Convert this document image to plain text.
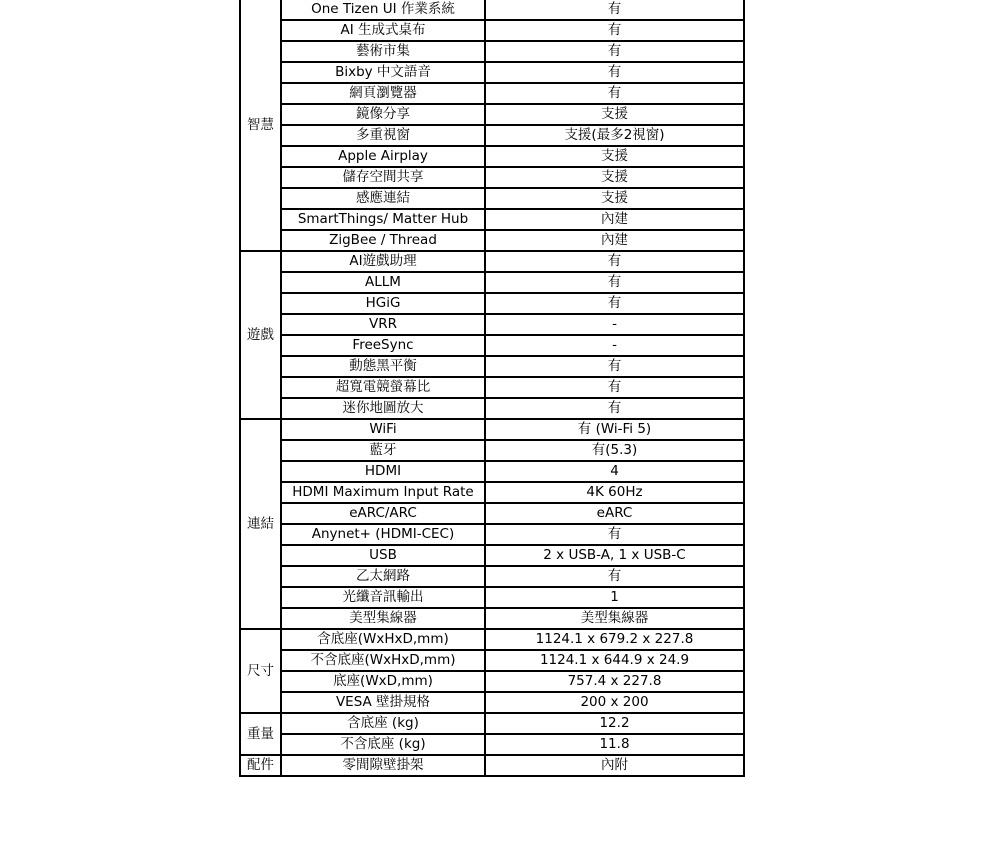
智慧	One Tizen UI 作業系統	有
	AI 生成式桌布	有
	藝術市集	有
	Bixby 中文語音	有
	網頁瀏覽器	有
	鏡像分享	支援
	多重視窗	支援(最多2視窗)
	Apple Airplay	支援
	儲存空間共享	支援
	感應連結	支援
	SmartThings/ Matter Hub	內建
	ZigBee / Thread	內建
遊戲	AI遊戲助理	有
	ALLM	有
	HGiG	有
	VRR	-
	FreeSync	-
	動態黑平衡	有
	超寬電競螢幕比	有
	迷你地圖放大	有
連結	WiFi	有 (Wi-Fi 5)
	藍牙	有(5.3)
	HDMI	4
	HDMI Maximum Input Rate	4K 60Hz
	eARC/ARC	eARC
	Anynet+ (HDMI-CEC)	有
	USB	2 x USB-A, 1 x USB-C
	乙太網路	有
	光纖音訊輸出	1
	美型集線器	美型集線器
尺寸	含底座(WxHxD,mm)	1124.1 x 679.2 x 227.8
	不含底座(WxHxD,mm)	1124.1 x 644.9 x 24.9
	底座(WxD,mm)	757.4 x 227.8
	VESA 壁掛規格	200 x 200
重量	含底座 (kg)	12.2
	不含底座 (kg)	11.8
配件	零間隙壁掛架	內附
